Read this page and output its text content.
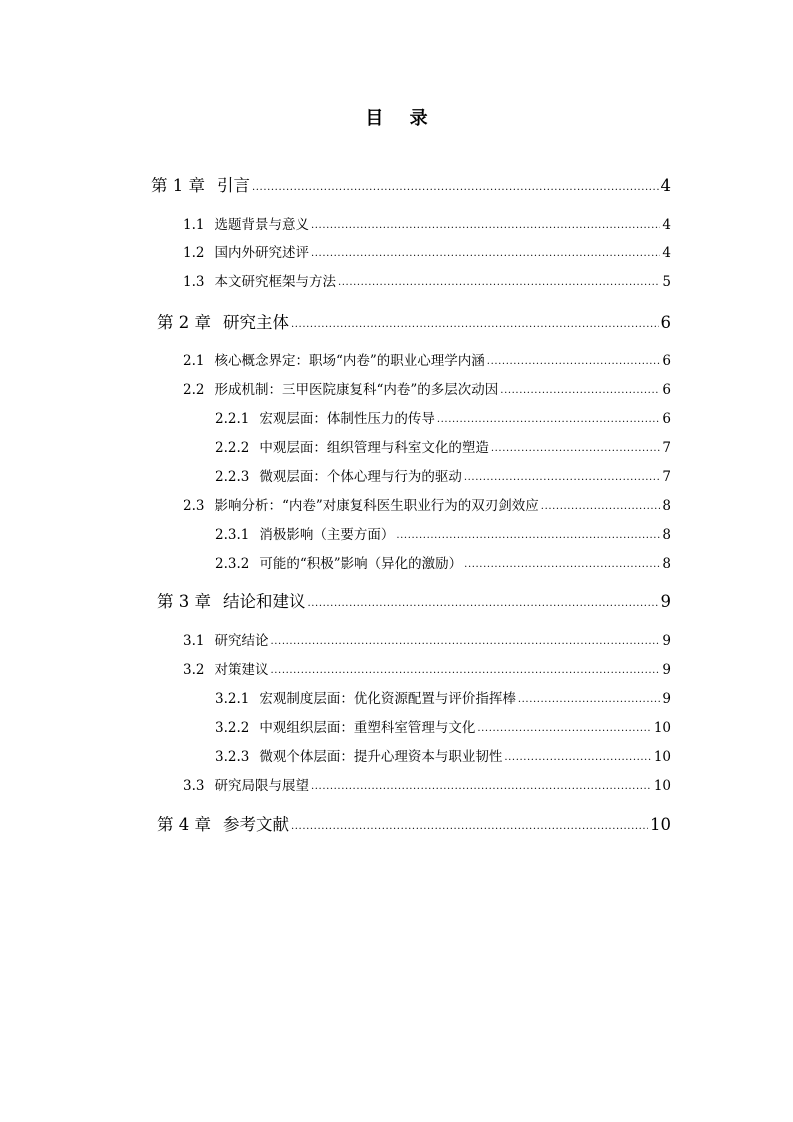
目 录
第 1 章 引言 .....	4
1.1 选题背景与意义 .....	4
1.2 国内外研究述评 .....	4
1.3 本文研究框架与方法 .....	5
第 2 章 研究主体 .....	6
2.1 核心概念界定：职场“内卷”的职业心理学内涵 .....	6
2.2 形成机制：三甲医院康复科“内卷”的多层次动因 .....	6
2.2.1 宏观层面：体制性压力的传导 .....	6
2.2.2 中观层面：组织管理与科室文化的塑造 .....	7
2.2.3 微观层面：个体心理与行为的驱动 .....	7
2.3 影响分析：“内卷”对康复科医生职业行为的双刃剑效应 .....	8
2.3.1 消极影响（主要方面） .....	8
2.3.2 可能的“积极”影响（异化的激励） .....	8
第 3 章 结论和建议 .....	9
3.1 研究结论 .....	9
3.2 对策建议 .....	9
3.2.1 宏观制度层面：优化资源配置与评价指挥棒 .....	9
3.2.2 中观组织层面：重塑科室管理与文化 .....	10
3.2.3 微观个体层面：提升心理资本与职业韧性 .....	10
3.3 研究局限与展望 .....	10
第 4 章 参考文献 .....	10
